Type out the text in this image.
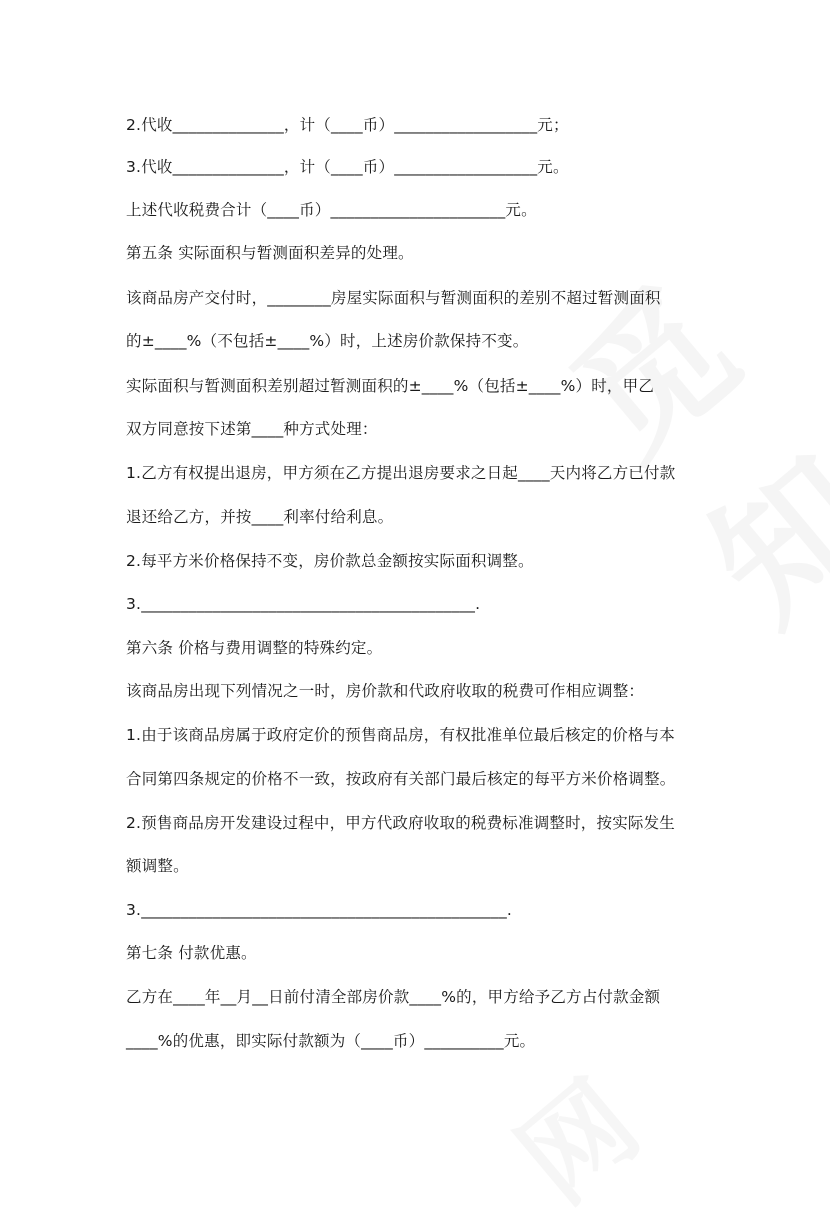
2.代收______________，计（____币）__________________元；
3.代收______________，计（____币）__________________元。
上述代收税费合计（____币）______________________元。
第五条 实际面积与暂测面积差异的处理。
该商品房产交付时，________房屋实际面积与暂测面积的差别不超过暂测面积
的±____%（不包括±____%）时，上述房价款保持不变。
实际面积与暂测面积差别超过暂测面积的±____%（包括±____%）时，甲乙
双方同意按下述第____种方式处理：
1.乙方有权提出退房，甲方须在乙方提出退房要求之日起____天内将乙方已付款
退还给乙方，并按____利率付给利息。
2.每平方米价格保持不变，房价款总金额按实际面积调整。
3.__________________________________________.
第六条 价格与费用调整的特殊约定。
该商品房出现下列情况之一时，房价款和代政府收取的税费可作相应调整：
1.由于该商品房属于政府定价的预售商品房，有权批准单位最后核定的价格与本
合同第四条规定的价格不一致，按政府有关部门最后核定的每平方米价格调整。
2.预售商品房开发建设过程中，甲方代政府收取的税费标准调整时，按实际发生
额调整。
3.______________________________________________.
第七条 付款优惠。
乙方在____年__月__日前付清全部房价款____%的，甲方给予乙方占付款金额
____%的优惠，即实际付款额为（____币）__________元。
